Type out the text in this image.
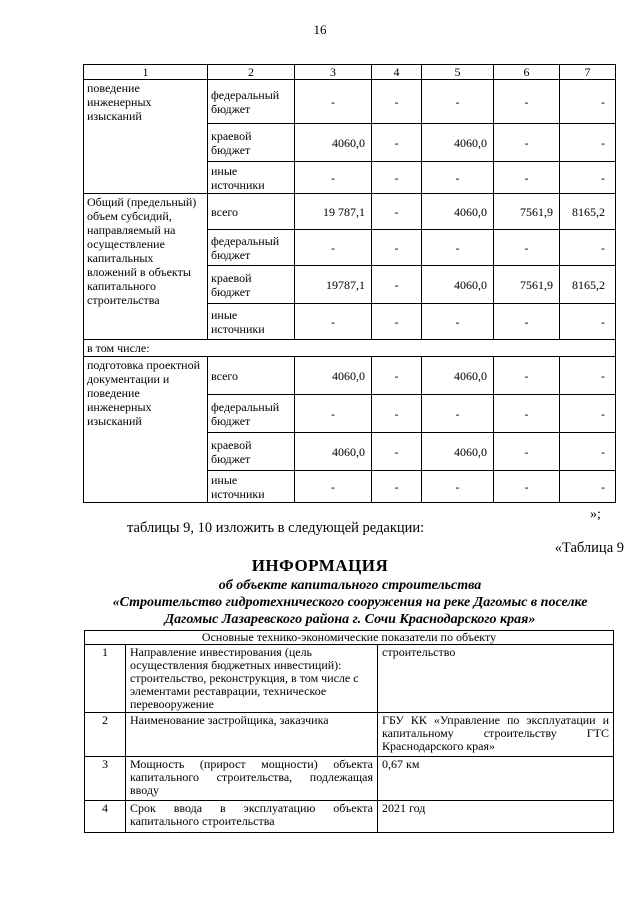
16
1	2	3	4	5	6	7
поведение инженерных изысканий	федеральный бюджет	-	-	-	-	-
	краевой бюджет	4060,0	-	4060,0	-	-
	иные источники	-	-	-	-	-
Общий (предельный) объем субсидий, направляемый на осуществление капитальных вложений в объекты капитального строительства	всего	19 787,1	-	4060,0	7561,9	8165,2
	федеральный бюджет	-	-	-	-	-
	краевой бюджет	19787,1	-	4060,0	7561,9	8165,2
	иные источники	-	-	-	-	-
в том числе:						
подготовка проектной документации и поведение инженерных изысканий	всего	4060,0	-	4060,0	-	-
	федеральный бюджет	-	-	-	-	-
	краевой бюджет	4060,0	-	4060,0	-	-
	иные источники	-	-	-	-	-
»;
таблицы 9, 10 изложить в следующей редакции:
«Таблица 9
ИНФОРМАЦИЯ
об объекте капитального строительства
«Строительство гидротехнического сооружения на реке Дагомыс в поселке
Дагомыс Лазаревского района г. Сочи Краснодарского края»
Основные технико-экономические показатели по объекту		
1	Направление инвестирования (цель осуществления бюджетных инвестиций): строительство, реконструкция, в том числе с элементами реставрации, техническое перевооружение	строительство
2	Наименование застройщика, заказчика	ГБУ КК «Управление по эксплуатации и капитальному строительству ГТС Краснодарского края»
3	Мощность (прирост мощности) объекта капитального строительства, подлежащая вводу	0,67 км
4	Срок ввода в эксплуатацию объекта капитального строительства	2021 год
